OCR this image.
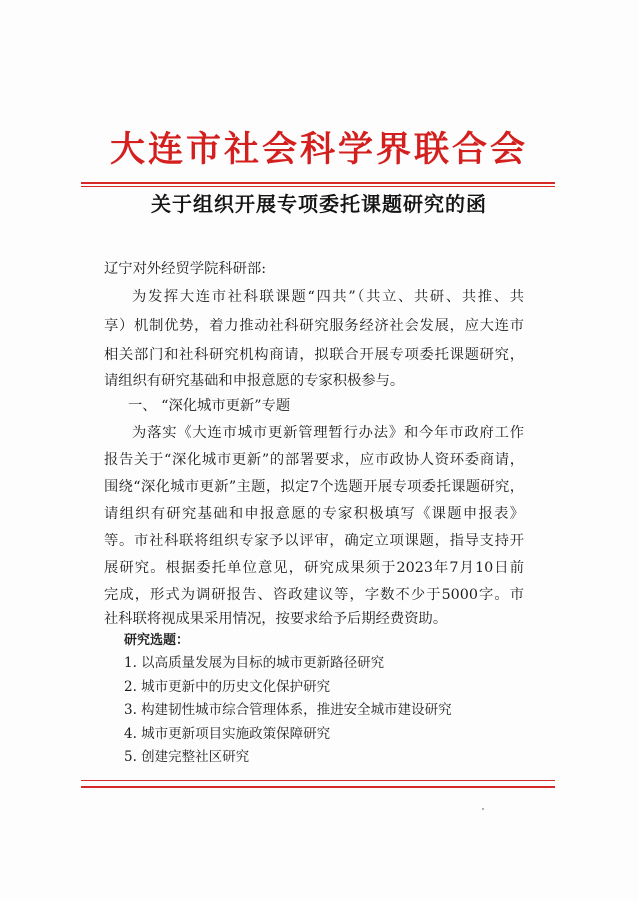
大连市社会科学界联合会
关于组织开展专项委托课题研究的函
辽宁对外经贸学院科研部:
为发挥大连市社科联课题“四共”（共立、共研、共推、共
享）机制优势，着力推动社科研究服务经济社会发展，应大连市
相关部门和社科研究机构商请，拟联合开展专项委托课题研究，
请组织有研究基础和申报意愿的专家积极参与。
一、 “深化城市更新”专题
为落实《大连市城市更新管理暂行办法》和今年市政府工作
报告关于“深化城市更新”的部署要求，应市政协人资环委商请，
围绕“深化城市更新”主题，拟定7个选题开展专项委托课题研究，
请组织有研究基础和申报意愿的专家积极填写《课题申报表》
等。市社科联将组织专家予以评审，确定立项课题，指导支持开
展研究。根据委托单位意见，研究成果须于2023年7月10日前
完成，形式为调研报告、咨政建议等，字数不少于5000字。市
社科联将视成果采用情况，按要求给予后期经费资助。
研究选题：
1. 以高质量发展为目标的城市更新路径研究
2. 城市更新中的历史文化保护研究
3. 构建韧性城市综合管理体系，推进安全城市建设研究
4. 城市更新项目实施政策保障研究
5. 创建完整社区研究
